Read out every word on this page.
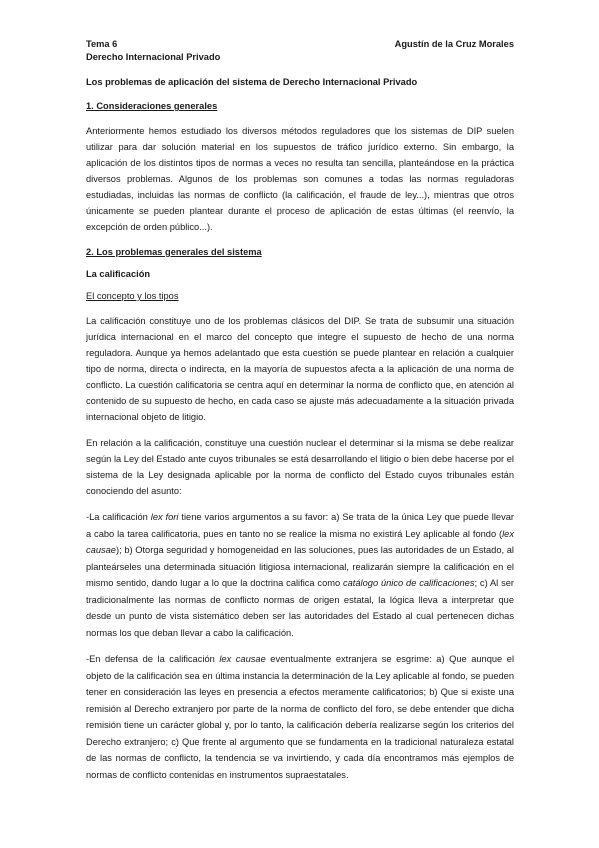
Tema 6
Derecho Internacional Privado
Agustín de la Cruz Morales
Los problemas de aplicación del sistema de Derecho Internacional Privado
1. Consideraciones generales

Anteriormente hemos estudiado los diversos métodos reguladores que los sistemas de DIP suelen utilizar para dar solución material en los supuestos de tráfico jurídico externo. Sin embargo, la aplicación de los distintos tipos de normas a veces no resulta tan sencilla, planteándose en la práctica diversos problemas. Algunos de los problemas son comunes a todas las normas reguladoras estudiadas, incluidas las normas de conflicto (la calificación, el fraude de ley...), mientras que otros únicamente se pueden plantear durante el proceso de aplicación de estas últimas (el reenvío, la excepción de orden público...).

2. Los problemas generales del sistema
La calificación
El concepto y los tipos

La calificación constituye uno de los problemas clásicos del DIP. Se trata de subsumir una situación jurídica internacional en el marco del concepto que integre el supuesto de hecho de una norma reguladora. Aunque ya hemos adelantado que esta cuestión se puede plantear en relación a cualquier tipo de norma, directa o indirecta, en la mayoría de supuestos afecta a la aplicación de una norma de conflicto. La cuestión calificatoria se centra aquí en determinar la norma de conflicto que, en atención al contenido de su supuesto de hecho, en cada caso se ajuste más adecuadamente a la situación privada internacional objeto de litigio.

En relación a la calificación, constituye una cuestión nuclear el determinar si la misma se debe realizar según la Ley del Estado ante cuyos tribunales se está desarrollando el litigio o bien debe hacerse por el sistema de la Ley designada aplicable por la norma de conflicto del Estado cuyos tribunales están conociendo del asunto:

-La calificación lex fori tiene varios argumentos a su favor: a) Se trata de la única Ley que puede llevar a cabo la tarea calificatoria, pues en tanto no se realice la misma no existirá Ley aplicable al fondo (lex causae); b) Otorga seguridad y homogeneidad en las soluciones, pues las autoridades de un Estado, al planteárseles una determinada situación litigiosa internacional, realizarán siempre la calificación en el mismo sentido, dando lugar a lo que la doctrina califica como catálogo único de calificaciones; c) Al ser tradicionalmente las normas de conflicto normas de origen estatal, la lógica lleva a interpretar que desde un punto de vista sistemático deben ser las autoridades del Estado al cual pertenecen dichas normas los que deban llevar a cabo la calificación.

-En defensa de la calificación lex causae eventualmente extranjera se esgrime: a) Que aunque el objeto de la calificación sea en última instancia la determinación de la Ley aplicable al fondo, se pueden tener en consideración las leyes en presencia a efectos meramente calificatorios; b) Que si existe una remisión al Derecho extranjero por parte de la norma de conflicto del foro, se debe entender que dicha remisión tiene un carácter global y, por lo tanto, la calificación debería realizarse según los criterios del Derecho extranjero; c) Que frente al argumento que se fundamenta en la tradicional naturaleza estatal de las normas de conflicto, la tendencia se va invirtiendo, y cada día encontramos más ejemplos de normas de conflicto contenidas en instrumentos supraestatales.
